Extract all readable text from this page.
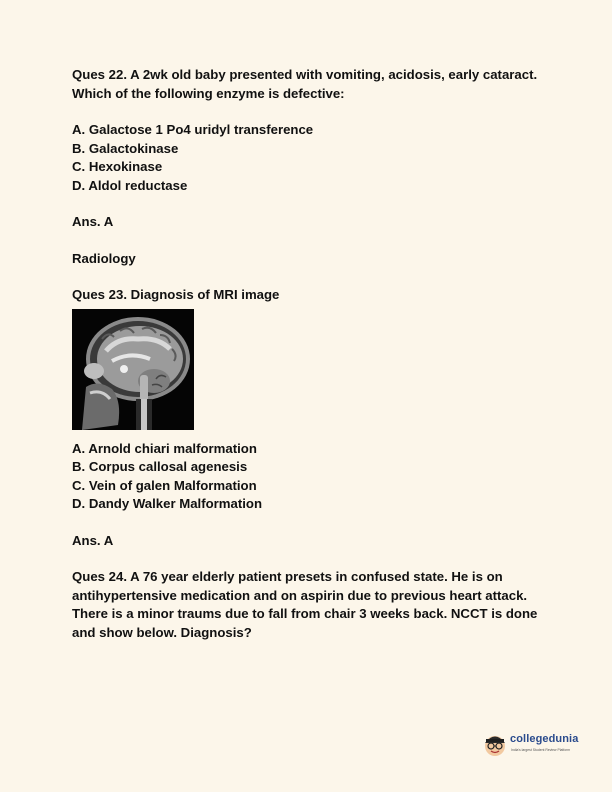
Ques 22. A 2wk old baby presented with vomiting, acidosis, early cataract.

Which of the following enzyme is defective:

A. Galactose 1 Po4 uridyl transference

B. Galactokinase

C. Hexokinase

D. Aldol reductase

Ans. A

Radiology

Ques 23. Diagnosis of MRI image

A. Arnold chiari malformation

B. Corpus callosal agenesis

C. Vein of galen Malformation

D. Dandy Walker Malformation

Ans. A

Ques 24. A 76 year elderly patient presets in confused state. He is on

antihypertensive medication and on aspirin due to previous heart attack.

There is a minor traums due to fall from chair 3 weeks back. NCCT is done

and show below. Diagnosis?

collegedunia
India's largest Student Review Platform
